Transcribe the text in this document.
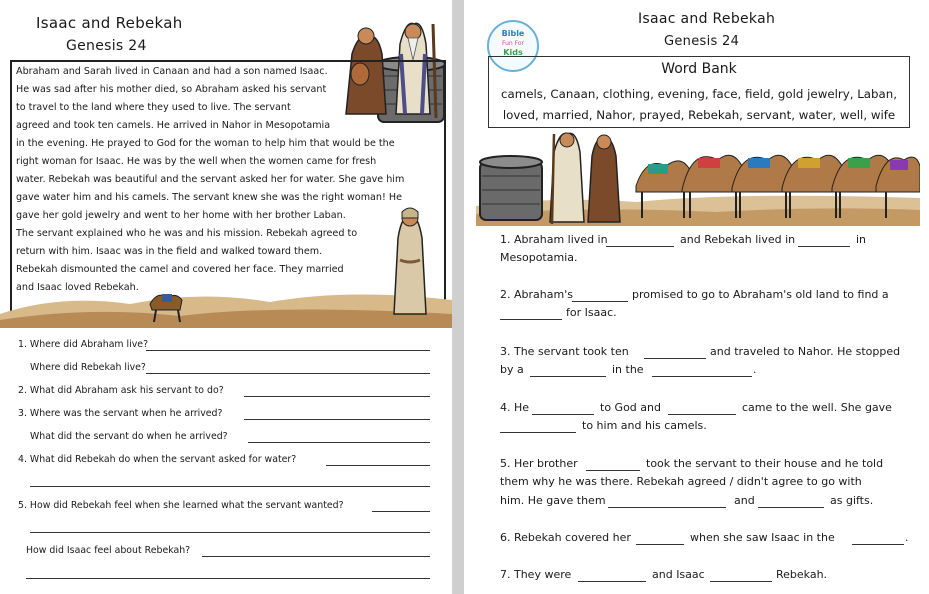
Isaac and Rebekah
Genesis 24
Abraham and Sarah lived in Canaan and had a son named Isaac.
He was sad after his mother died, so Abraham asked his servant
to travel to the land where they used to live. The servant
agreed and took ten camels. He arrived in Nahor in Mesopotamia
in the evening. He prayed to God for the woman to help him that would be the
right woman for Isaac. He was by the well when the women came for fresh
water. Rebekah was beautiful and the servant asked her for water. She gave him
gave water him and his camels. The servant knew she was the right woman! He
gave her gold jewelry and went to her home with her brother Laban.
The servant explained who he was and his mission. Rebekah agreed to
return with him. Isaac was in the field and walked toward them.
Rebekah dismounted the camel and covered her face. They married
and Isaac loved Rebekah.
1. Where did Abraham live?
Where did Rebekah live?
2. What did Abraham ask his servant to do?
3. Where was the servant when he arrived?
What did the servant do when he arrived?
4. What did Rebekah do when the servant asked for water?
5. How did Rebekah feel when she learned what the servant wanted?
How did Isaac feel about Rebekah?
Isaac and Rebekah
Genesis 24
Bible
Fun For
Kids
Word Bank
camels, Canaan, clothing, evening, face, field, gold jewelry, Laban,
loved, married, Nahor, prayed, Rebekah, servant, water, well, wife
1. Abraham lived in	and Rebekah lived in	in
Mesopotamia.
2. Abraham's	promised to go to Abraham's old land to find a
for Isaac.
3. The servant took ten	and traveled to Nahor. He stopped
by a	in the	.
4. He	to God and	came to the well. She gave
to him and his camels.
5. Her brother	took the servant to their house and he told
them why he was there. Rebekah agreed / didn't agree to go with
him. He gave them	and	as gifts.
6. Rebekah covered her	when she saw Isaac in the	.
7. They were	and Isaac	Rebekah.
